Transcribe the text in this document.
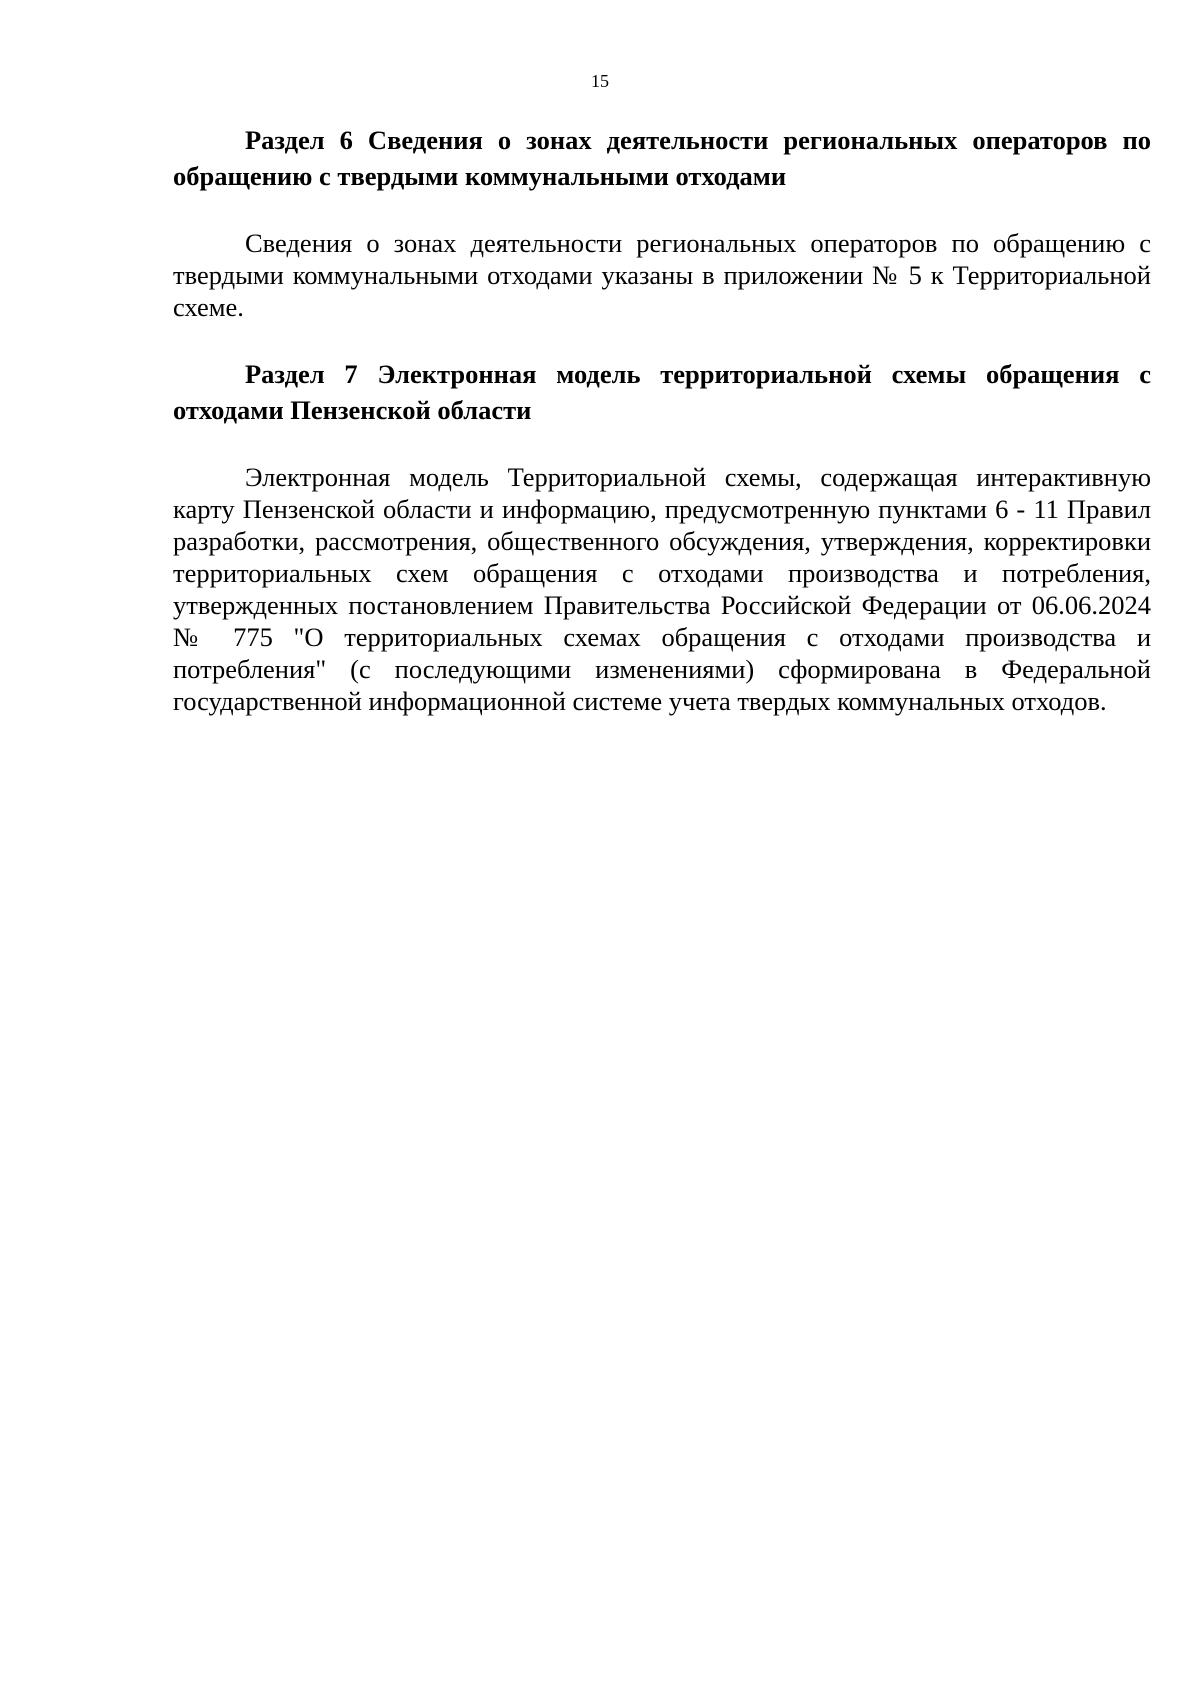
15
Раздел 6 Сведения о зонах деятельности региональных операторов по обращению с твердыми коммунальными отходами

Сведения о зонах деятельности региональных операторов по обращению с твердыми коммунальными отходами указаны в приложении № 5 к Территориальной схеме.

Раздел 7 Электронная модель территориальной схемы обращения с отходами Пензенской области

Электронная модель Территориальной схемы, содержащая интерактивную карту Пензенской области и информацию, предусмотренную пунктами 6 - 11 Правил разработки, рассмотрения, общественного обсуждения, утверждения, корректировки территориальных схем обращения с отходами производства и потребления, утвержденных постановлением Правительства Российской Федерации от 06.06.2024 № 775 "О территориальных схемах обращения с отходами производства и потребления" (с последующими изменениями) сформирована в Федеральной государственной информационной системе учета твердых коммунальных отходов.
